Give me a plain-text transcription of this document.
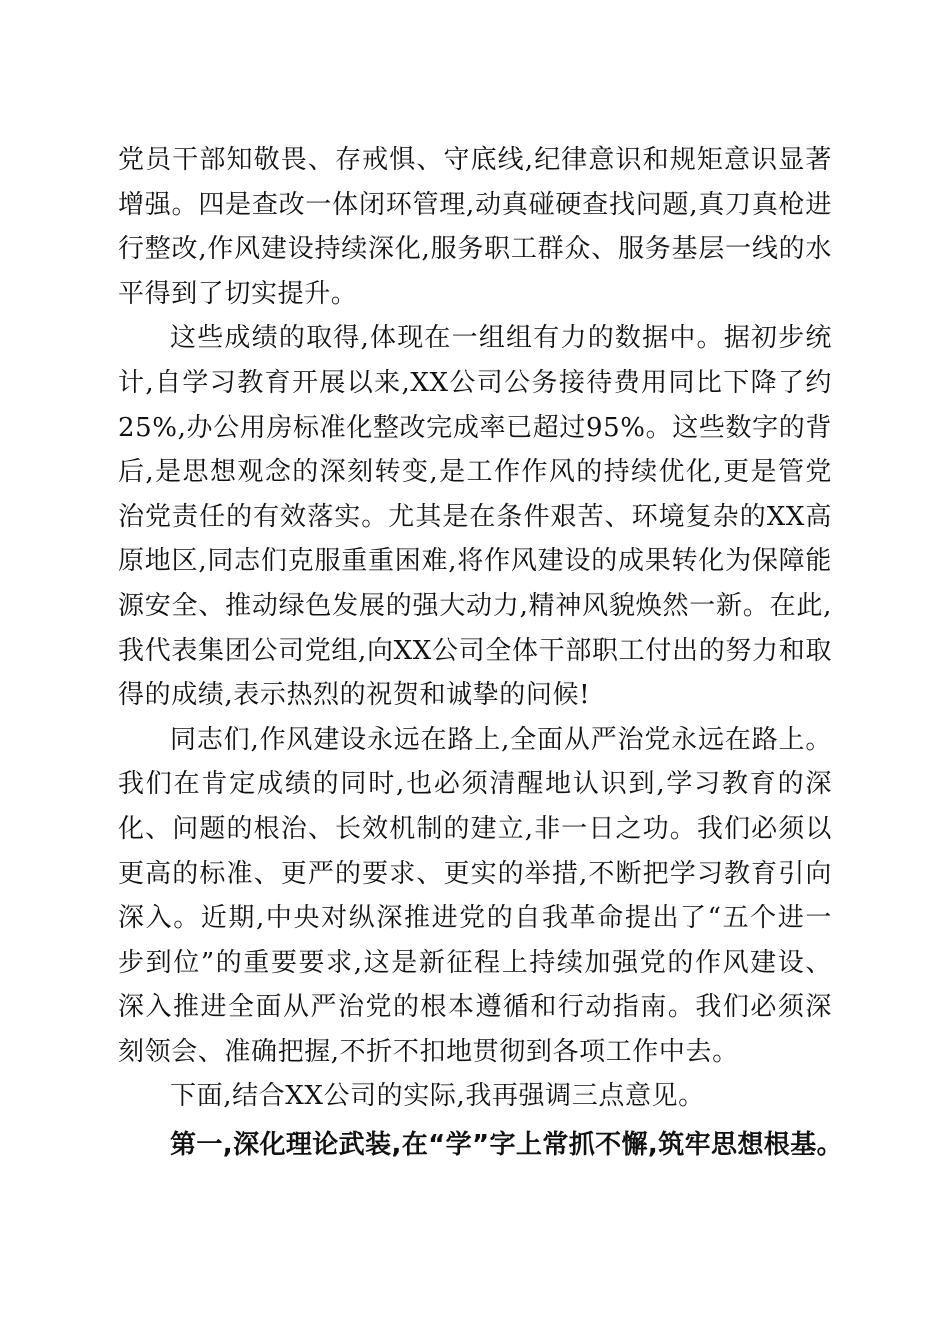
党员干部知敬畏、存戒惧、守底线,纪律意识和规矩意识显著增强。四是查改一体闭环管理,动真碰硬查找问题,真刀真枪进行整改,作风建设持续深化,服务职工群众、服务基层一线的水平得到了切实提升。

这些成绩的取得,体现在一组组有力的数据中。据初步统计,自学习教育开展以来,XX公司公务接待费用同比下降了约25%,办公用房标准化整改完成率已超过95%。这些数字的背后,是思想观念的深刻转变,是工作作风的持续优化,更是管党治党责任的有效落实。尤其是在条件艰苦、环境复杂的XX高原地区,同志们克服重重困难,将作风建设的成果转化为保障能源安全、推动绿色发展的强大动力,精神风貌焕然一新。在此,我代表集团公司党组,向XX公司全体干部职工付出的努力和取得的成绩,表示热烈的祝贺和诚挚的问候!

同志们,作风建设永远在路上,全面从严治党永远在路上。我们在肯定成绩的同时,也必须清醒地认识到,学习教育的深化、问题的根治、长效机制的建立,非一日之功。我们必须以更高的标准、更严的要求、更实的举措,不断把学习教育引向深入。近期,中央对纵深推进党的自我革命提出了“五个进一步到位”的重要要求,这是新征程上持续加强党的作风建设、深入推进全面从严治党的根本遵循和行动指南。我们必须深刻领会、准确把握,不折不扣地贯彻到各项工作中去。

下面,结合XX公司的实际,我再强调三点意见。

第一,深化理论武装,在“学”字上常抓不懈,筑牢思想根基。
